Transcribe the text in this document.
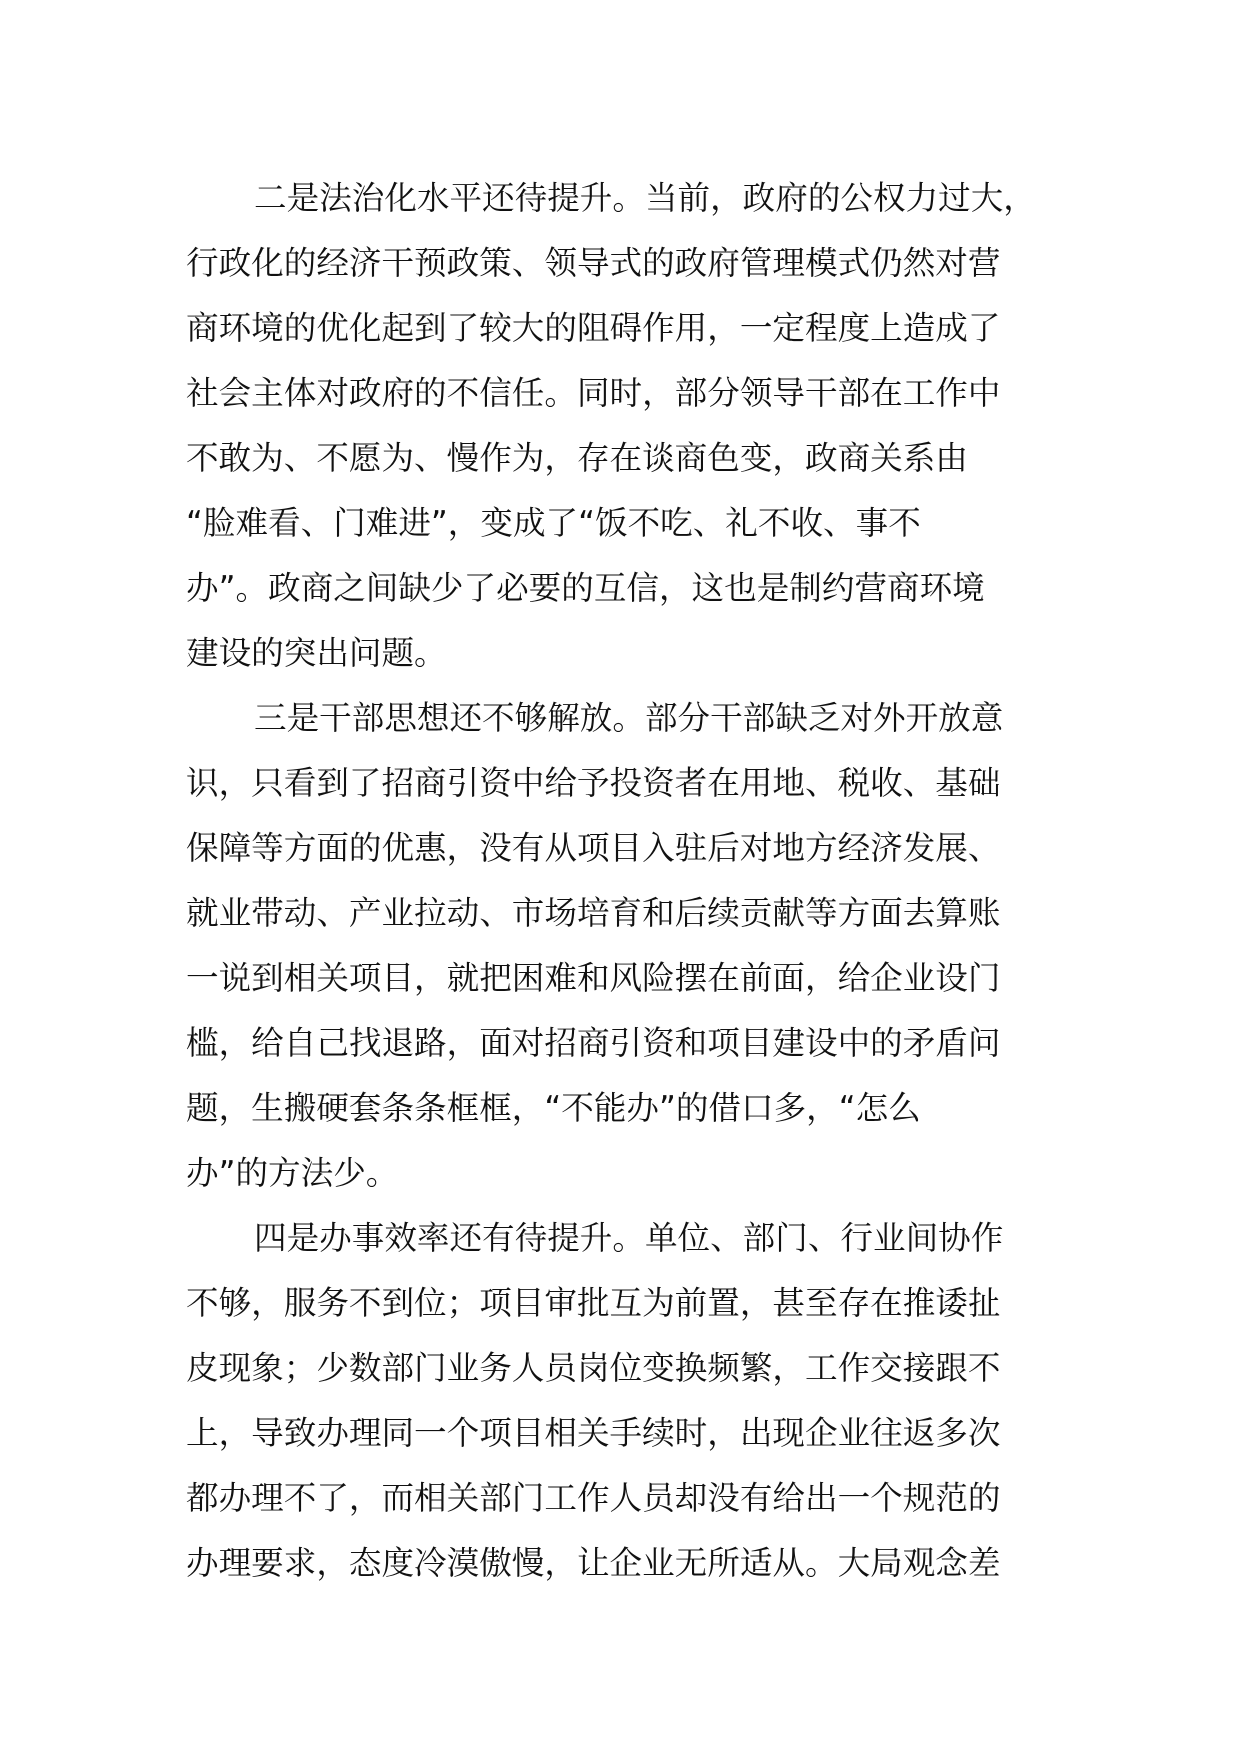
二是法治化水平还待提升。当前，政府的公权力过大，
行政化的经济干预政策、领导式的政府管理模式仍然对营
商环境的优化起到了较大的阻碍作用，一定程度上造成了
社会主体对政府的不信任。同时，部分领导干部在工作中
不敢为、不愿为、慢作为，存在谈商色变，政商关系由
“脸难看、门难进”，变成了“饭不吃、礼不收、事不
办”。政商之间缺少了必要的互信，这也是制约营商环境
建设的突出问题。
三是干部思想还不够解放。部分干部缺乏对外开放意
识，只看到了招商引资中给予投资者在用地、税收、基础
保障等方面的优惠，没有从项目入驻后对地方经济发展、
就业带动、产业拉动、市场培育和后续贡献等方面去算账
一说到相关项目，就把困难和风险摆在前面，给企业设门
槛，给自己找退路，面对招商引资和项目建设中的矛盾问
题，生搬硬套条条框框，“不能办”的借口多，“怎么
办”的方法少。
四是办事效率还有待提升。单位、部门、行业间协作
不够，服务不到位；项目审批互为前置，甚至存在推诿扯
皮现象；少数部门业务人员岗位变换频繁，工作交接跟不
上，导致办理同一个项目相关手续时，出现企业往返多次
都办理不了，而相关部门工作人员却没有给出一个规范的
办理要求，态度冷漠傲慢，让企业无所适从。大局观念差
